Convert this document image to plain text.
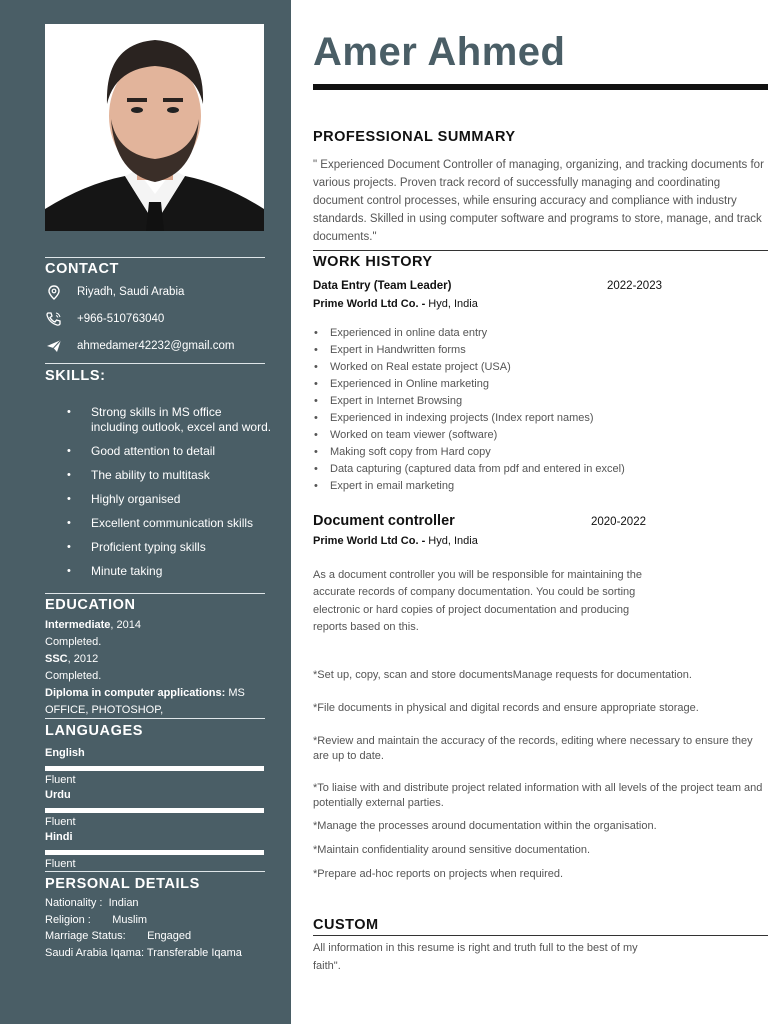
CONTACT
Riyadh, Saudi Arabia
+966-510763040
ahmedamer42232@gmail.com
SKILLS:
• Strong skills in MS office including outlook, excel and word.
• Good attention to detail
• The ability to multitask
• Highly organised
• Excellent communication skills
• Proficient typing skills
• Minute taking
EDUCATION
Intermediate, 2014
Completed.
SSC, 2012
Completed.
Diploma in computer applications: MS OFFICE, PHOTOSHOP,
LANGUAGES
English
Fluent
Urdu
Fluent
Hindi
Fluent
PERSONAL DETAILS
Nationality :  Indian
Religion :       Muslim
Marriage Status:       Engaged
Saudi Arabia Iqama: Transferable Iqama
Amer Ahmed
PROFESSIONAL SUMMARY

" Experienced Document Controller of managing, organizing, and tracking documents for various projects. Proven track record of successfully managing and coordinating document control processes, while ensuring accuracy and compliance with industry standards. Skilled in using computer software and programs to store, manage, and track documents."

WORK HISTORY
Data Entry (Team Leader)	2022-2023
Prime World Ltd Co. - Hyd, India
• Experienced in online data entry
• Expert in Handwritten forms
• Worked on Real estate project (USA)
• Experienced in Online marketing
• Expert in Internet Browsing
• Experienced in indexing projects (Index report names)
• Worked on team viewer (software)
• Making soft copy from Hard copy
• Data capturing (captured data from pdf and entered in excel)
• Expert in email marketing
Document controller	2020-2022
Prime World Ltd Co. - Hyd, India

As a document controller you will be responsible for maintaining the
accurate records of company documentation. You could be sorting
electronic or hard copies of project documentation and producing
reports based on this.

*Set up, copy, scan and store documentsManage requests for documentation.

*File documents in physical and digital records and ensure appropriate storage.

*Review and maintain the accuracy of the records, editing where necessary to ensure they are up to date.

*To liaise with and distribute project related information with all levels of the project team and potentially external parties.

*Manage the processes around documentation within the organisation.

*Maintain confidentiality around sensitive documentation.

*Prepare ad-hoc reports on projects when required.

CUSTOM

All information in this resume is right and truth full to the best of my
faith".
